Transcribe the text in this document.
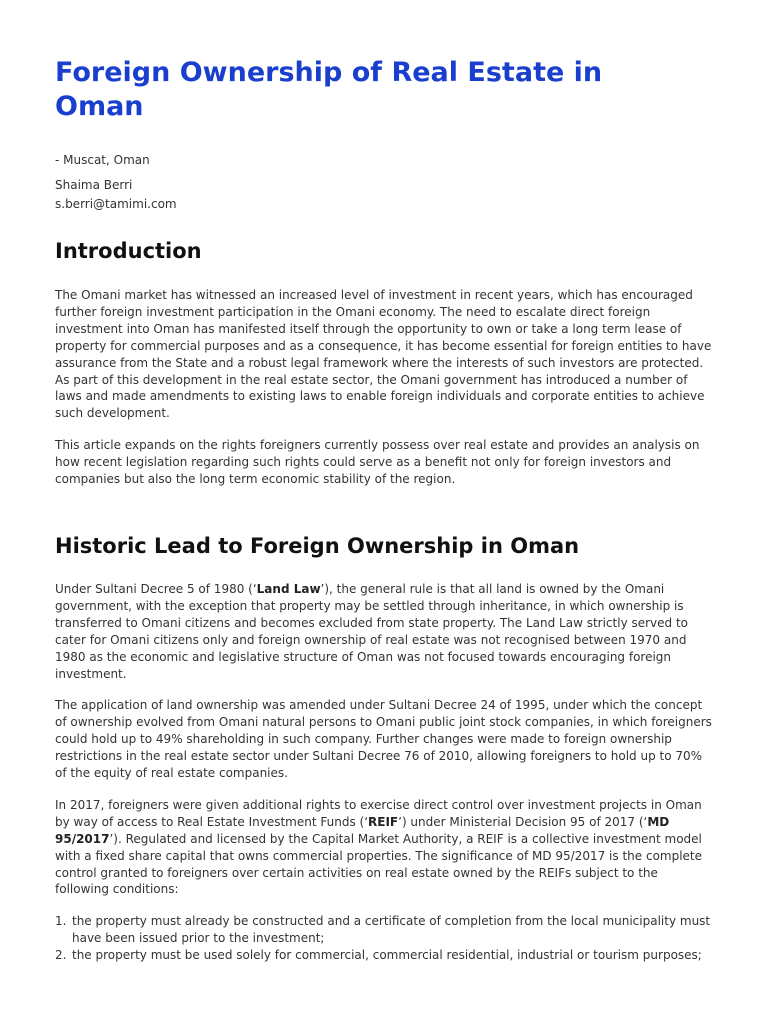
Foreign Ownership of Real Estate in Oman
- Muscat, Oman
Shaima Berri
s.berri@tamimi.com
Introduction

The Omani market has witnessed an increased level of investment in recent years, which has encouraged further foreign investment participation in the Omani economy. The need to escalate direct foreign investment into Oman has manifested itself through the opportunity to own or take a long term lease of property for commercial purposes and as a consequence, it has become essential for foreign entities to have assurance from the State and a robust legal framework where the interests of such investors are protected. As part of this development in the real estate sector, the Omani government has introduced a number of laws and made amendments to existing laws to enable foreign individuals and corporate entities to achieve such development.

This article expands on the rights foreigners currently possess over real estate and provides an analysis on how recent legislation regarding such rights could serve as a benefit not only for foreign investors and companies but also the long term economic stability of the region.

Historic Lead to Foreign Ownership in Oman

Under Sultani Decree 5 of 1980 (‘Land Law’), the general rule is that all land is owned by the Omani government, with the exception that property may be settled through inheritance, in which ownership is transferred to Omani citizens and becomes excluded from state property. The Land Law strictly served to cater for Omani citizens only and foreign ownership of real estate was not recognised between 1970 and 1980 as the economic and legislative structure of Oman was not focused towards encouraging foreign investment.

The application of land ownership was amended under Sultani Decree 24 of 1995, under which the concept of ownership evolved from Omani natural persons to Omani public joint stock companies, in which foreigners could hold up to 49% shareholding in such company. Further changes were made to foreign ownership restrictions in the real estate sector under Sultani Decree 76 of 2010, allowing foreigners to hold up to 70% of the equity of real estate companies.

In 2017, foreigners were given additional rights to exercise direct control over investment projects in Oman by way of access to Real Estate Investment Funds (‘REIF’) under Ministerial Decision 95 of 2017 (‘MD 95/2017’). Regulated and licensed by the Capital Market Authority, a REIF is a collective investment model with a fixed share capital that owns commercial properties. The significance of MD 95/2017 is the complete control granted to foreigners over certain activities on real estate owned by the REIFs subject to the following conditions:

1. the property must already be constructed and a certificate of completion from the local municipality must have been issued prior to the investment;
2. the property must be used solely for commercial, commercial residential, industrial or tourism purposes;
